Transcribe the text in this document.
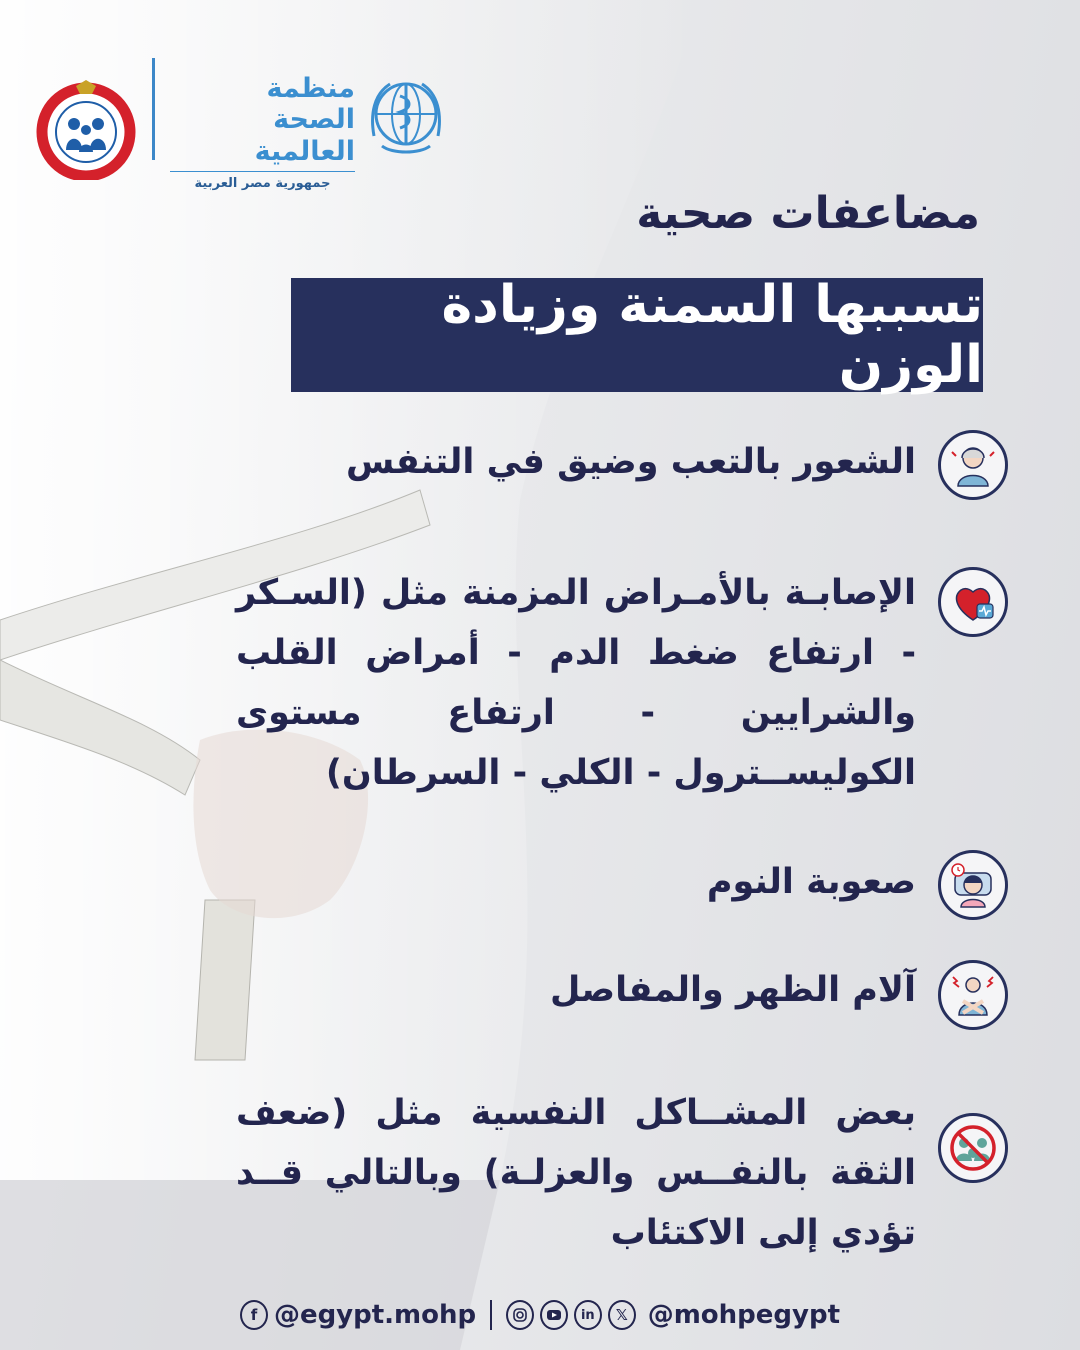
منظمة
الصحة العالمية
جمهورية مصر العربية
مضاعفات صحية
تسببها السمنة وزيادة الوزن
الشعور بالتعب وضيق في التنفس
الإصابـة بالأمـراض المزمنة مثل (السـكر - ارتفاع ضغط الدم - أمراض القلب والشرايين - ارتفاع مستوى الكوليســترول - الكلي - السرطان)
صعوبة النوم
آلام الظهر والمفاصل
بعض المشــاكل النفسية مثل (ضعف الثقة بالنفــس والعزلـة) وبالتالي قــد تؤدي إلى الاكتئاب
f @egypt.mohp	in	𝕏 @mohpegypt
